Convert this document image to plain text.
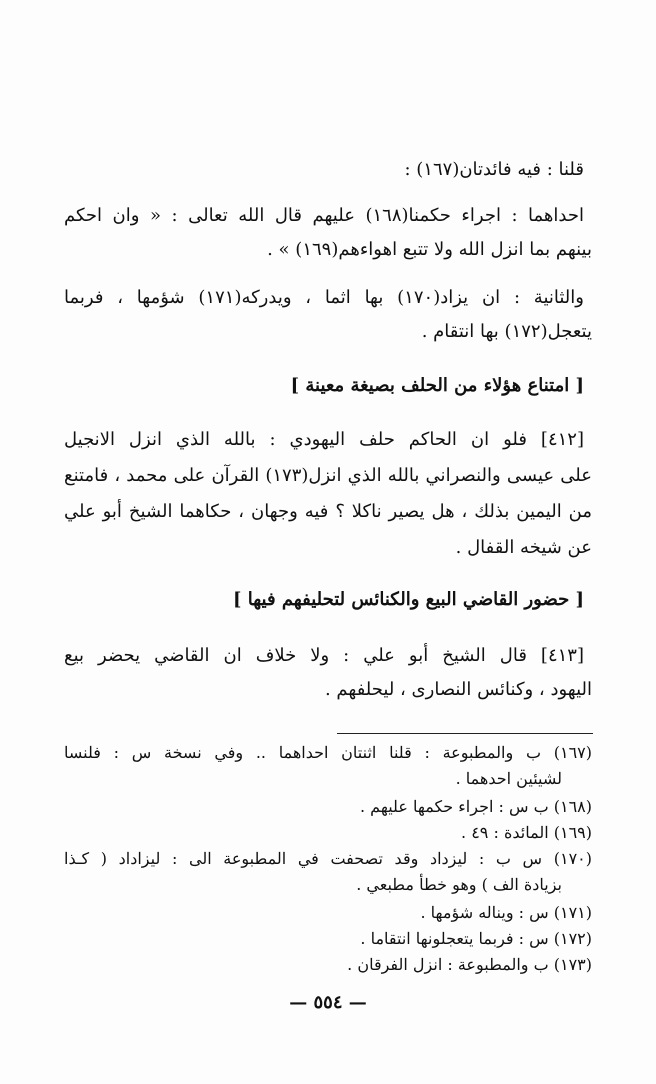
قلنا : فيه فائدتان(١٦٧) :
احداهما : اجراء حكمنا(١٦٨) عليهم قال الله تعالى : « وان احكم
بينهم بما انزل الله ولا تتبع اهواءهم(١٦٩) » .
والثانية : ان يزاد(١٧٠) بها اثما ، ويدركه(١٧١) شؤمها ، فربما
يتعجل(١٧٢) بها انتقام .
[ امتناع هؤلاء من الحلف بصيغة معينة ]
[٤١٢] فلو ان الحاكم حلف اليهودي : بالله الذي انزل الانجيل
على عيسى والنصراني بالله الذي انزل(١٧٣) القرآن على محمد ، فامتنع
من اليمين بذلك ، هل يصير ناكلا ؟ فيه وجهان ، حكاهما الشيخ أبو علي
عن شيخه القفال .
[ حضور القاضي البيع والكنائس لتحليفهم فيها ]
[٤١٣] قال الشيخ أبو علي : ولا خلاف ان القاضي يحضر بيع
اليهود ، وكنائس النصارى ، ليحلفهم .
(١٦٧) ب والمطبوعة : قلنا اثنتان احداهما .. وفي نسخة س : فلنسا
لشيئين احدهما .
(١٦٨) ب س : اجراء حكمها عليهم .
(١٦٩) المائدة : ٤٩ .
(١٧٠) س ب : ليزداد وقد تصحفت في المطبوعة الى : ليزاداد ( كـذا
بزيادة الف ) وهو خطأ مطبعي .
(١٧١) س : ويناله شؤمها .
(١٧٢) س : فربما يتعجلونها انتقاما .
(١٧٣) ب والمطبوعة : انزل الفرقان .
— ٥٥٤ —
